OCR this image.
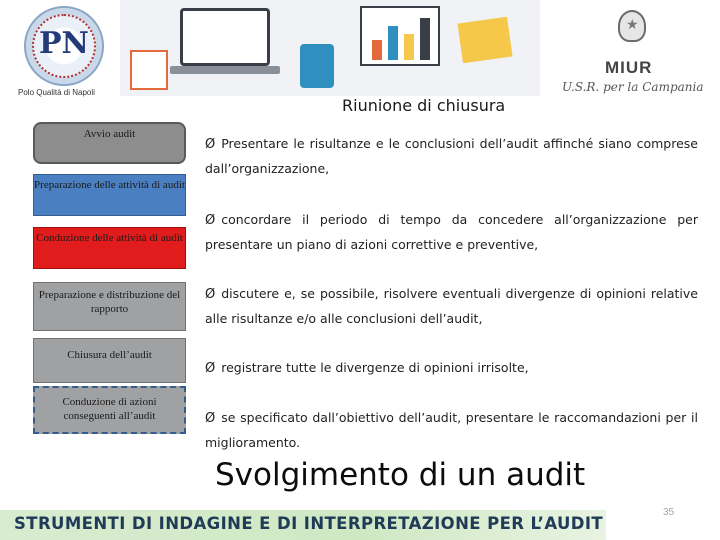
PN
Polo Qualità di Napoli
★
MIUR
U.S.R. per la Campania
Riunione di chiusura
Avvio audit
Preparazione delle attività di audit
Conduzione delle attività di audit
Preparazione e distribuzione del rapporto
Chiusura dell’audit
Conduzione di azioni conseguenti all’audit
Ø Presentare le risultanze e le conclusioni dell’audit affinché siano comprese dall’organizzazione,
Ø concordare il periodo di tempo da concedere all’organizzazione per presentare un piano di azioni correttive e preventive,
Ø discutere e, se possibile, risolvere eventuali divergenze di opinioni relative alle risultanze e/o alle conclusioni dell’audit,
Ø registrare tutte le divergenze di opinioni irrisolte,
Ø se specificato dall’obiettivo dell’audit, presentare le raccomandazioni per il miglioramento.
Svolgimento di un audit
STRUMENTI DI INDAGINE E DI INTERPRETAZIONE PER L’AUDIT
35
